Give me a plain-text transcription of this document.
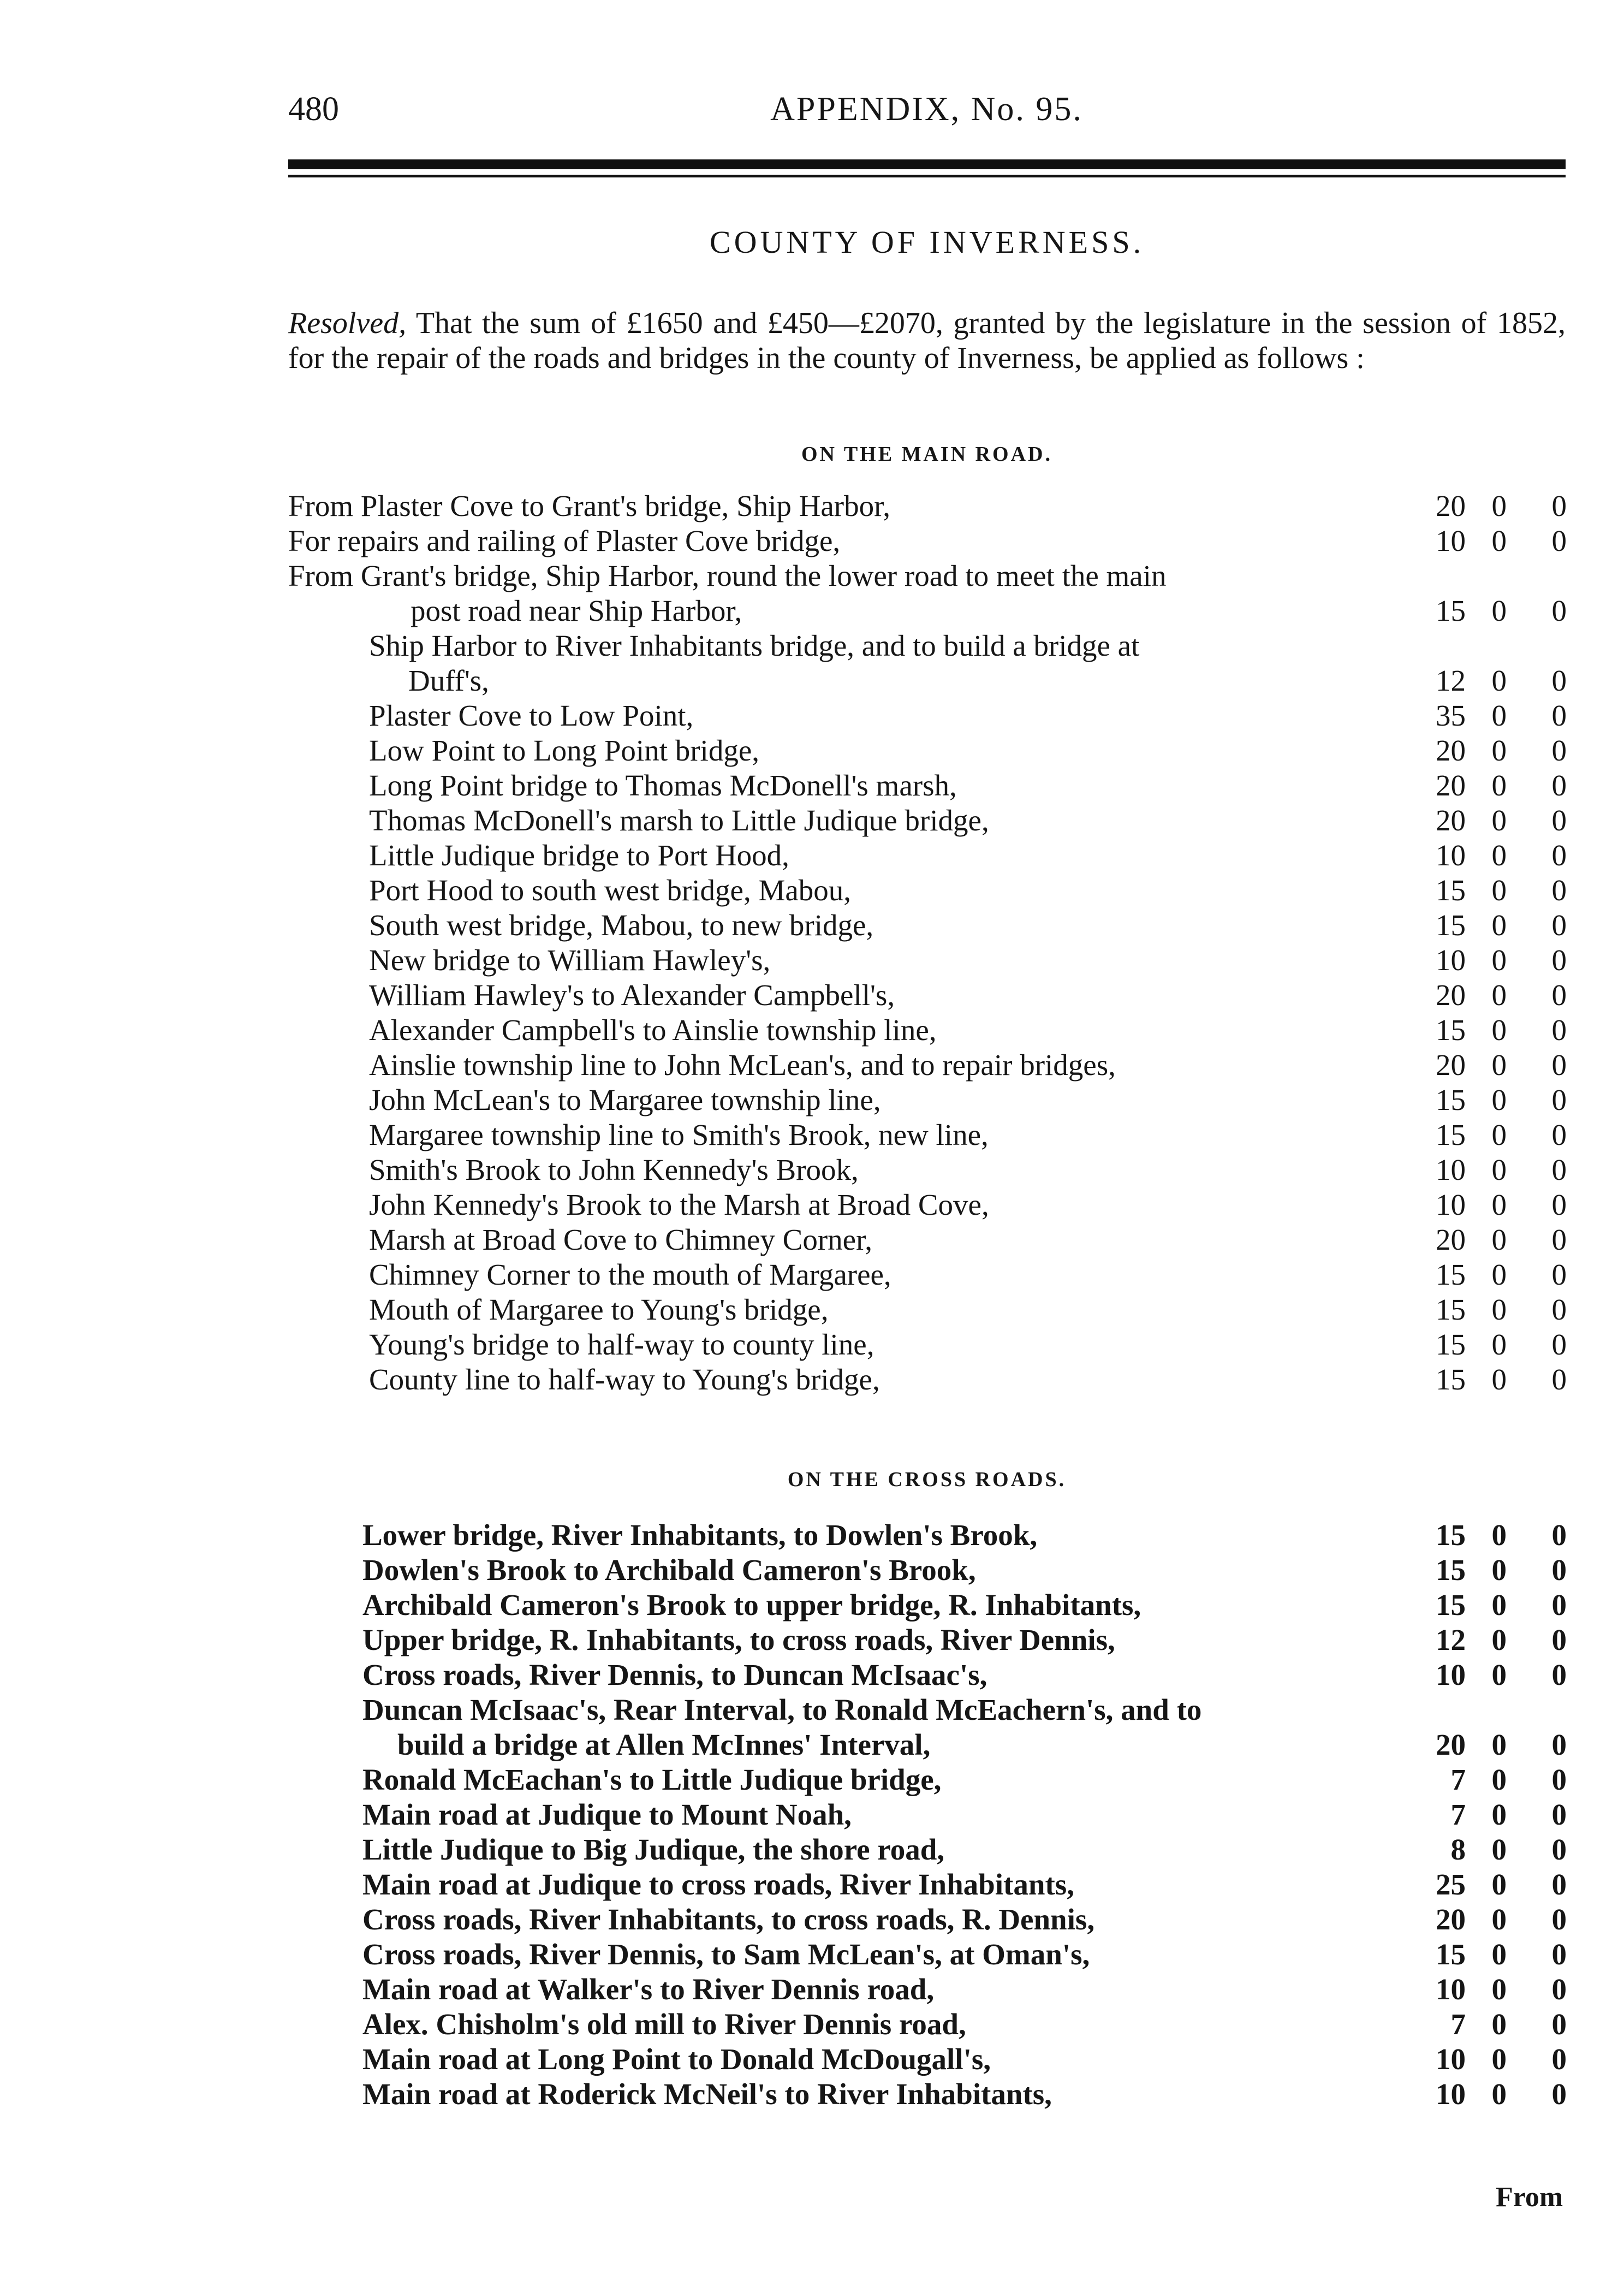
480	APPENDIX, No. 95.
COUNTY OF INVERNESS.

Resolved, That the sum of £1650 and £450—£2070, granted by the legislature in the session of 1852, for the repair of the roads and bridges in the county of Inverness, be applied as follows :

ON THE MAIN ROAD.
From Plaster Cove to Grant's bridge, Ship Harbor,	20 0	0
For repairs and railing of Plaster Cove bridge,	10 0	0
From Grant's bridge, Ship Harbor, round the lower road to meet the main
post road near Ship Harbor,	15 0	0
Ship Harbor to River Inhabitants bridge, and to build a bridge at
Duff's,	12 0	0
Plaster Cove to Low Point,	35 0	0
Low Point to Long Point bridge,	20 0	0
Long Point bridge to Thomas McDonell's marsh,	20 0	0
Thomas McDonell's marsh to Little Judique bridge,	20 0	0
Little Judique bridge to Port Hood,	10 0	0
Port Hood to south west bridge, Mabou,	15 0	0
South west bridge, Mabou, to new bridge,	15 0	0
New bridge to William Hawley's,	10 0	0
William Hawley's to Alexander Campbell's,	20 0	0
Alexander Campbell's to Ainslie township line,	15 0	0
Ainslie township line to John McLean's, and to repair bridges,	20 0	0
John McLean's to Margaree township line,	15 0	0
Margaree township line to Smith's Brook, new line,	15 0	0
Smith's Brook to John Kennedy's Brook,	10 0	0
John Kennedy's Brook to the Marsh at Broad Cove,	10 0	0
Marsh at Broad Cove to Chimney Corner,	20 0	0
Chimney Corner to the mouth of Margaree,	15 0	0
Mouth of Margaree to Young's bridge,	15 0	0
Young's bridge to half-way to county line,	15 0	0
County line to half-way to Young's bridge,	15 0	0
ON THE CROSS ROADS.
Lower bridge, River Inhabitants, to Dowlen's Brook,	15 0	0
Dowlen's Brook to Archibald Cameron's Brook,	15 0	0
Archibald Cameron's Brook to upper bridge, R. Inhabitants,	15 0	0
Upper bridge, R. Inhabitants, to cross roads, River Dennis,	12 0	0
Cross roads, River Dennis, to Duncan McIsaac's,	10 0	0
Duncan McIsaac's, Rear Interval, to Ronald McEachern's, and to
build a bridge at Allen McInnes' Interval,	20 0	0
Ronald McEachan's to Little Judique bridge,	7 0	0
Main road at Judique to Mount Noah,	7 0	0
Little Judique to Big Judique, the shore road,	8 0	0
Main road at Judique to cross roads, River Inhabitants,	25 0	0
Cross roads, River Inhabitants, to cross roads, R. Dennis,	20 0	0
Cross roads, River Dennis, to Sam McLean's, at Oman's,	15 0	0
Main road at Walker's to River Dennis road,	10 0	0
Alex. Chisholm's old mill to River Dennis road,	7 0	0
Main road at Long Point to Donald McDougall's,	10 0	0
Main road at Roderick McNeil's to River Inhabitants,	10 0	0
From
